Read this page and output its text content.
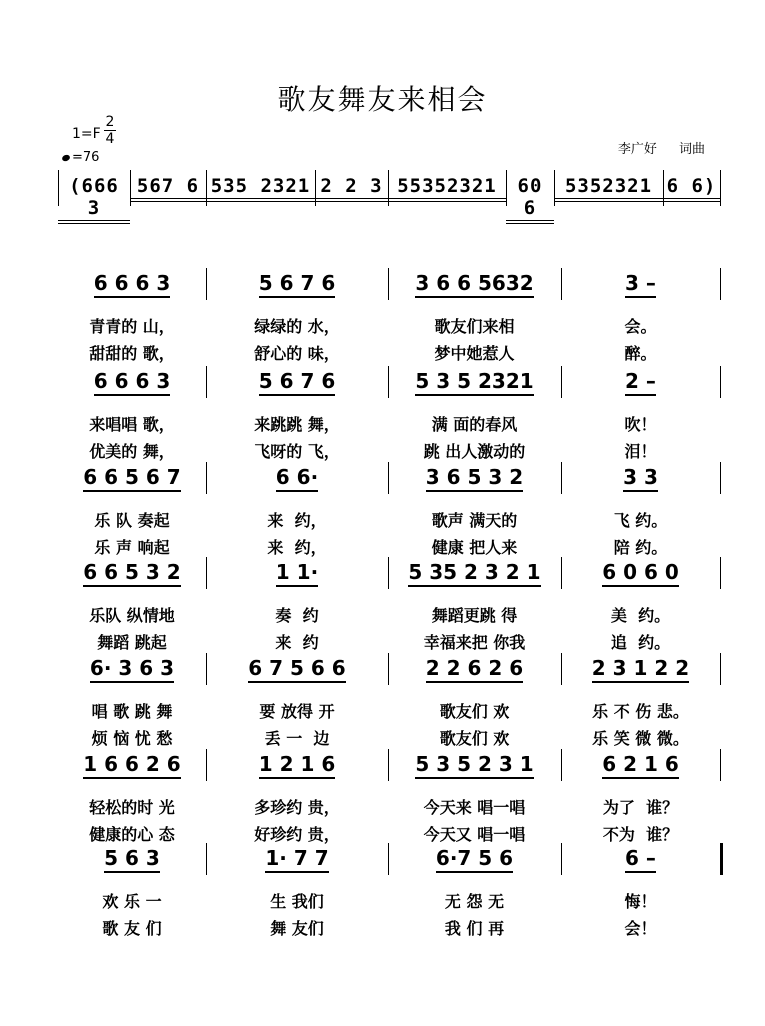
歌友舞友来相会
1=F
2
4
=76
李广好 词曲
(666 3
567 6 535 2321 2 2 3 55352321	60 6
5352321 6 6)
6 6 6 3	5 6 7 6	3 6 6 5632	3 –
青青的 山，	绿绿的 水，	歌友们来相	会。
甜甜的 歌，	舒心的 味，	梦中她惹人	醉。
6 6 6 3	5 6 7 6	5 3 5 2321	2 –
来唱唱 歌，	来跳跳 舞，	满 面的春风	吹！
优美的 舞，	飞呀的 飞，	跳 出人激动的	泪！
6 6 5 6 7	6 6·	3 6 5 3 2	3 3
乐 队 奏起	来  约，	歌声 满天的	飞 约。
乐 声 响起	来  约，	健康 把人来	陪 约。
6 6 5 3 2	1 1·	5 35 2 3 2 1	6 0 6 0
乐队 纵情地	奏  约	舞蹈更跳 得	美  约。
舞蹈 跳起	来  约	幸福来把 你我	追  约。
6· 3 6 3	6 7 5 6 6	2 2 6 2 6	2 3 1 2 2
唱 歌 跳 舞	要 放得 开	歌友们 欢	乐 不 伤 悲。
烦 恼 忧 愁	丢 一  边	歌友们 欢	乐 笑 微 微。
1 6 6 2 6	1 2 1 6	5 3 5 2 3 1	6 2 1 6
轻松的时 光	多珍约 贵，	今天来 唱一唱	为了  谁？
健康的心 态	好珍约 贵，	今天又 唱一唱	不为  谁？
5 6 3	1· 7 7	6·7 5 6	6 –
欢 乐 一	生 我们	无 怨 无	悔！
歌 友 们	舞 友们	我 们 再	会！
